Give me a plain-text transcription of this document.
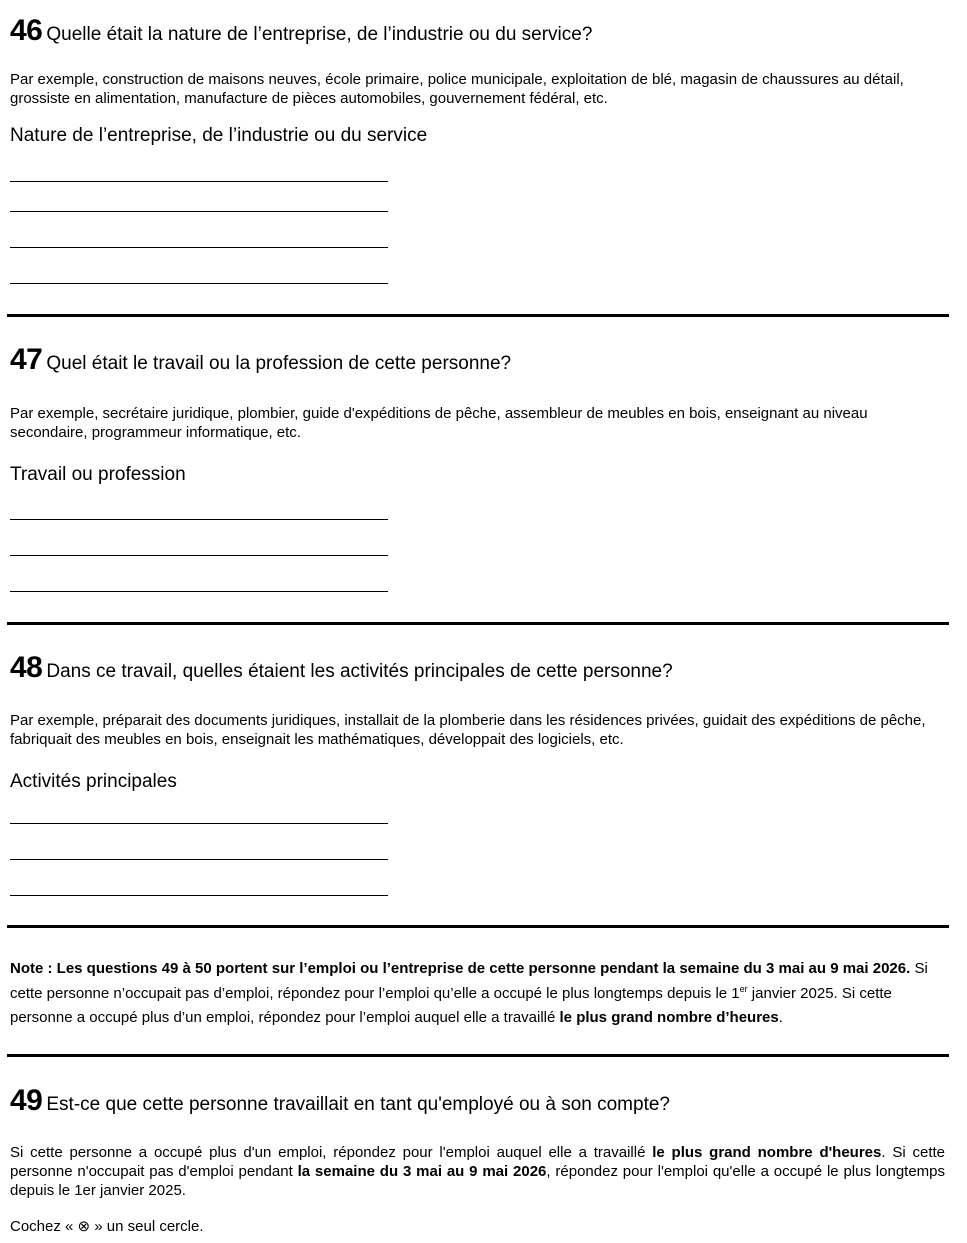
46 Quelle était la nature de l’entreprise, de l’industrie ou du service?
Par exemple, construction de maisons neuves, école primaire, police municipale, exploitation de blé, magasin de chaussures au détail, grossiste en alimentation, manufacture de pièces automobiles, gouvernement fédéral, etc.
Nature de l’entreprise, de l’industrie ou du service
47 Quel était le travail ou la profession de cette personne?
Par exemple, secrétaire juridique, plombier, guide d'expéditions de pêche, assembleur de meubles en bois, enseignant au niveau secondaire, programmeur informatique, etc.
Travail ou profession
48 Dans ce travail, quelles étaient les activités principales de cette personne?
Par exemple, préparait des documents juridiques, installait de la plomberie dans les résidences privées, guidait des expéditions de pêche, fabriquait des meubles en bois, enseignait les mathématiques, développait des logiciels, etc.
Activités principales
Note : Les questions 49 à 50 portent sur l’emploi ou l’entreprise de cette personne pendant la semaine du 3 mai au 9 mai 2026. Si cette personne n’occupait pas d’emploi, répondez pour l’emploi qu’elle a occupé le plus longtemps depuis le 1er janvier 2025. Si cette personne a occupé plus d’un emploi, répondez pour l’emploi auquel elle a travaillé le plus grand nombre d’heures.
49 Est-ce que cette personne travaillait en tant qu'employé ou à son compte?
Si cette personne a occupé plus d'un emploi, répondez pour l'emploi auquel elle a travaillé le plus grand nombre d'heures. Si cette personne n'occupait pas d'emploi pendant la semaine du 3 mai au 9 mai 2026, répondez pour l'emploi qu'elle a occupé le plus longtemps depuis le 1er janvier 2025.
Cochez « ⊗ » un seul cercle.
